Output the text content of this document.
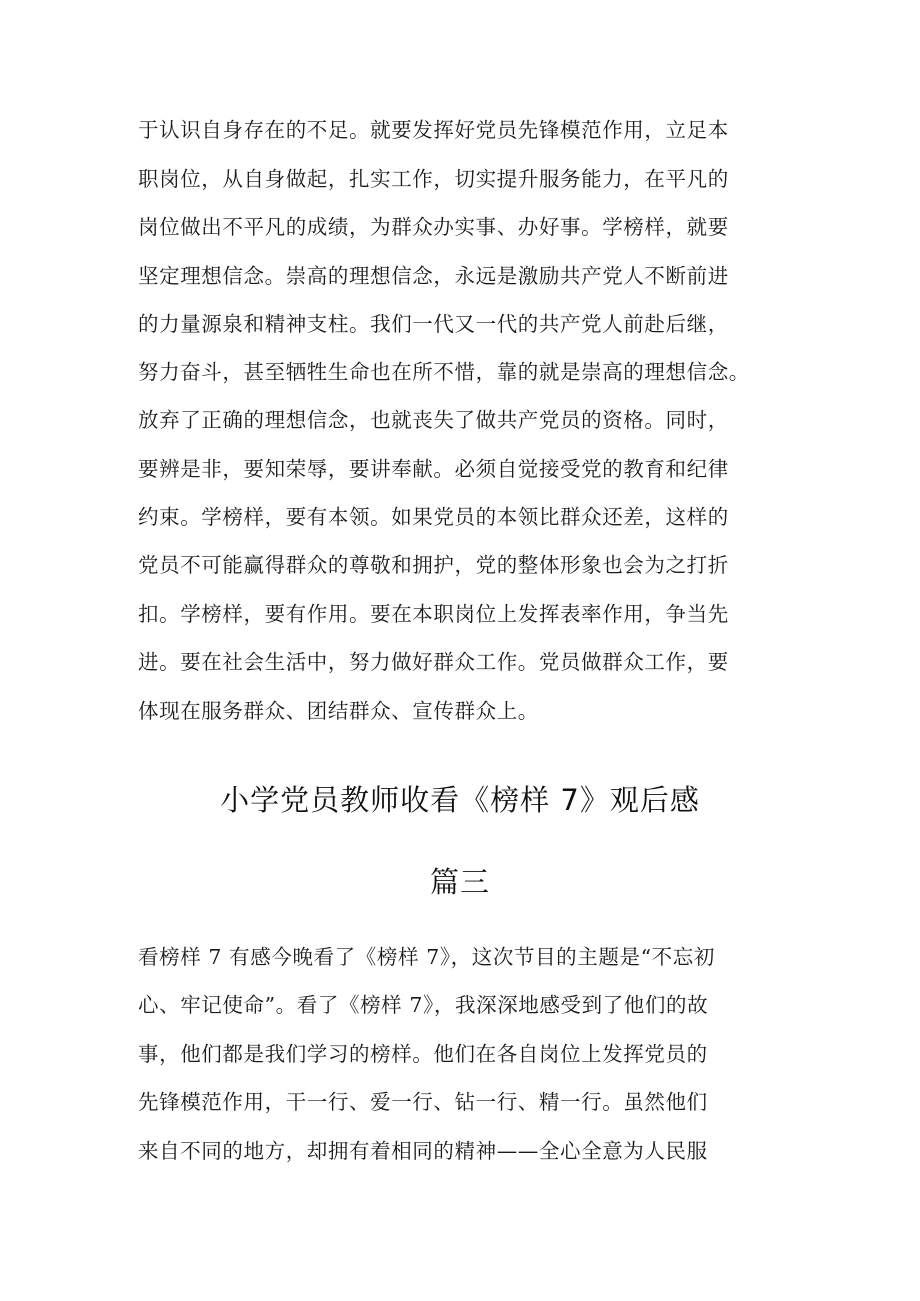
于认识自身存在的不足。就要发挥好党员先锋模范作用，立足本
职岗位，从自身做起，扎实工作，切实提升服务能力，在平凡的
岗位做出不平凡的成绩，为群众办实事、办好事。学榜样，就要
坚定理想信念。崇高的理想信念，永远是激励共产党人不断前进
的力量源泉和精神支柱。我们一代又一代的共产党人前赴后继，
努力奋斗，甚至牺牲生命也在所不惜，靠的就是崇高的理想信念。
放弃了正确的理想信念，也就丧失了做共产党员的资格。同时，
要辨是非，要知荣辱，要讲奉献。必须自觉接受党的教育和纪律
约束。学榜样，要有本领。如果党员的本领比群众还差，这样的
党员不可能赢得群众的尊敬和拥护，党的整体形象也会为之打折
扣。学榜样，要有作用。要在本职岗位上发挥表率作用，争当先
进。要在社会生活中，努力做好群众工作。党员做群众工作，要
体现在服务群众、团结群众、宣传群众上。
小学党员教师收看《榜样 7》观后感
篇三
看榜样 7 有感今晚看了《榜样 7》，这次节目的主题是“不忘初
心、牢记使命”。看了《榜样 7》，我深深地感受到了他们的故
事，他们都是我们学习的榜样。他们在各自岗位上发挥党员的
先锋模范作用，干一行、爱一行、钻一行、精一行。虽然他们
来自不同的地方，却拥有着相同的精神——全心全意为人民服
